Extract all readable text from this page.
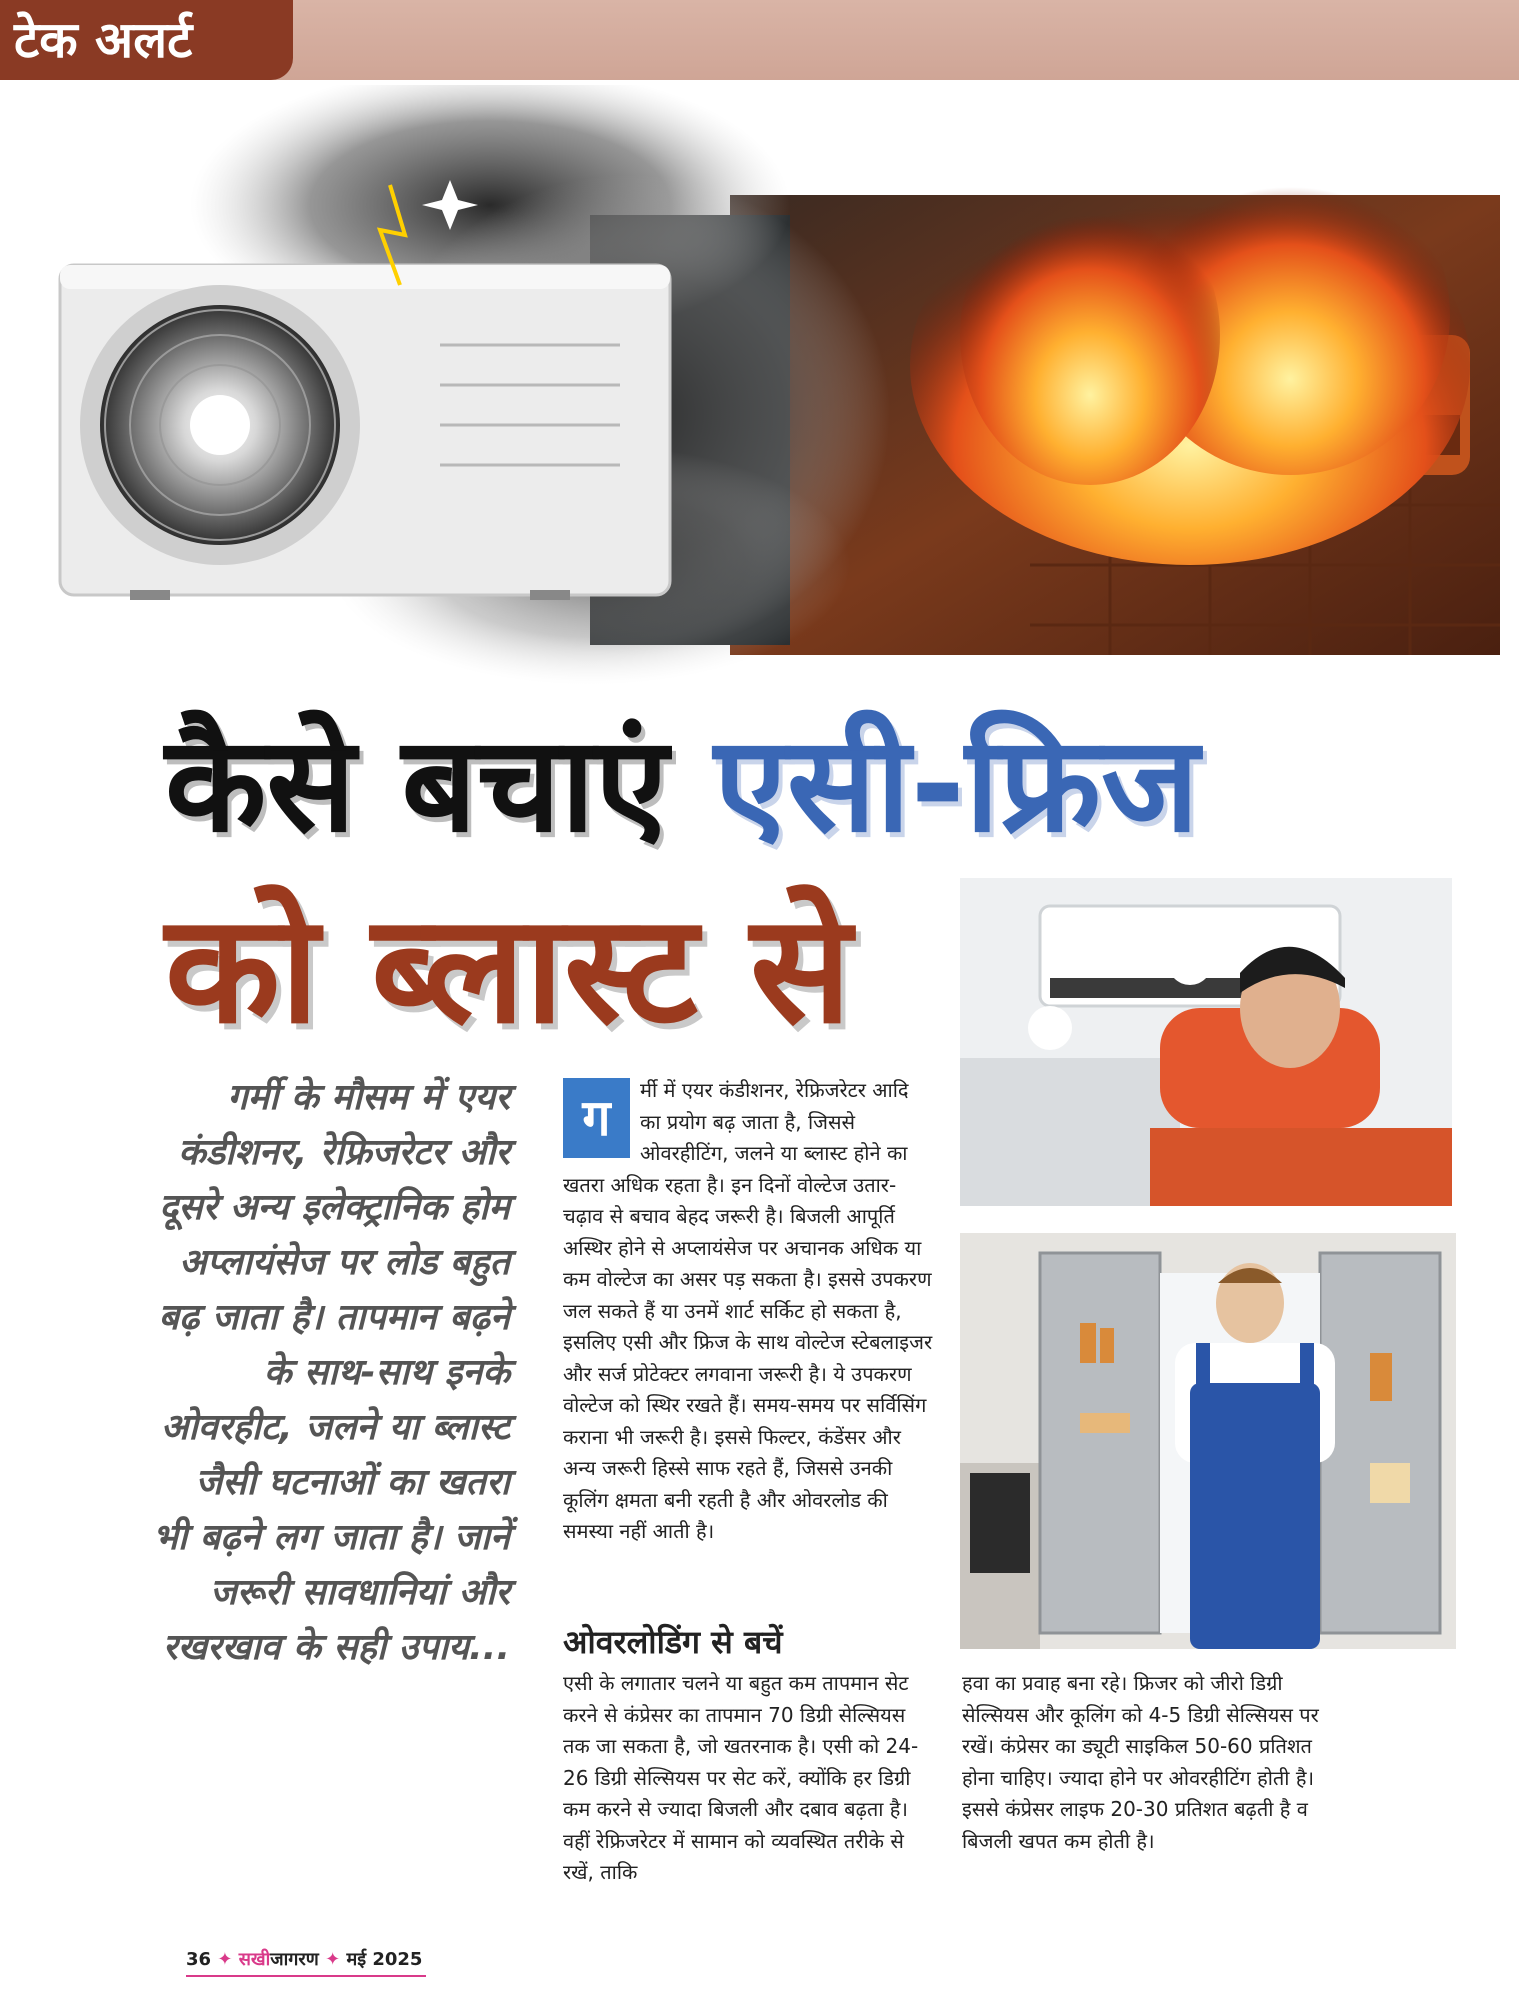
टेक अलर्ट
कैसे बचाएं एसी-फ्रिज
को ब्लास्ट से
गर्मी के मौसम में एयर कंडीशनर, रेफ्रिजरेटर और दूसरे अन्य इलेक्ट्रानिक होम अप्लायंसेज पर लोड बहुत बढ़ जाता है। तापमान बढ़ने के साथ-साथ इनके ओवरहीट, जलने या ब्लास्ट जैसी घटनाओं का खतरा भी बढ़ने लग जाता है। जानें जरूरी सावधानियां और रखरखाव के सही उपाय...
ग	र्मी में एयर कंडीशनर, रेफ्रिजरेटर आदि का प्रयोग बढ़ जाता है, जिससे ओवरहीटिंग, जलने या ब्लास्ट होने का खतरा अधिक रहता है। इन दिनों वोल्टेज उतार-चढ़ाव से बचाव बेहद जरूरी है। बिजली आपूर्ति अस्थिर होने से अप्लायंसेज पर अचानक अधिक या कम वोल्टेज का असर पड़ सकता है। इससे उपकरण जल सकते हैं या उनमें शार्ट सर्किट हो सकता है, इसलिए एसी और फ्रिज के साथ वोल्टेज स्टेबलाइजर और सर्ज प्रोटेक्टर लगवाना जरूरी है। ये उपकरण वोल्टेज को स्थिर रखते हैं। समय-समय पर सर्विसिंग कराना भी जरूरी है। इससे फिल्टर, कंडेंसर और अन्य जरूरी हिस्से साफ रहते हैं, जिससे उनकी कूलिंग क्षमता बनी रहती है और ओवरलोड की समस्या नहीं आती है।
ओवरलोडिंग से बचें
एसी के लगातार चलने या बहुत कम तापमान सेट करने से कंप्रेसर का तापमान 70 डिग्री सेल्सियस तक जा सकता है, जो खतरनाक है। एसी को 24-26 डिग्री सेल्सियस पर सेट करें, क्योंकि हर डिग्री कम करने से ज्यादा बिजली और दबाव बढ़ता है। वहीं रेफ्रिजरेटर में सामान को व्यवस्थित तरीके से रखें, ताकि
हवा का प्रवाह बना रहे। फ्रिजर को जीरो डिग्री सेल्सियस और कूलिंग को 4-5 डिग्री सेल्सियस पर रखें। कंप्रेसर का ड्यूटी साइकिल 50-60 प्रतिशत होना चाहिए। ज्यादा होने पर ओवरहीटिंग होती है। इससे कंप्रेसर लाइफ 20-30 प्रतिशत बढ़ती है व बिजली खपत कम होती है।
36 ✦ सखीजागरण ✦ मई 2025
